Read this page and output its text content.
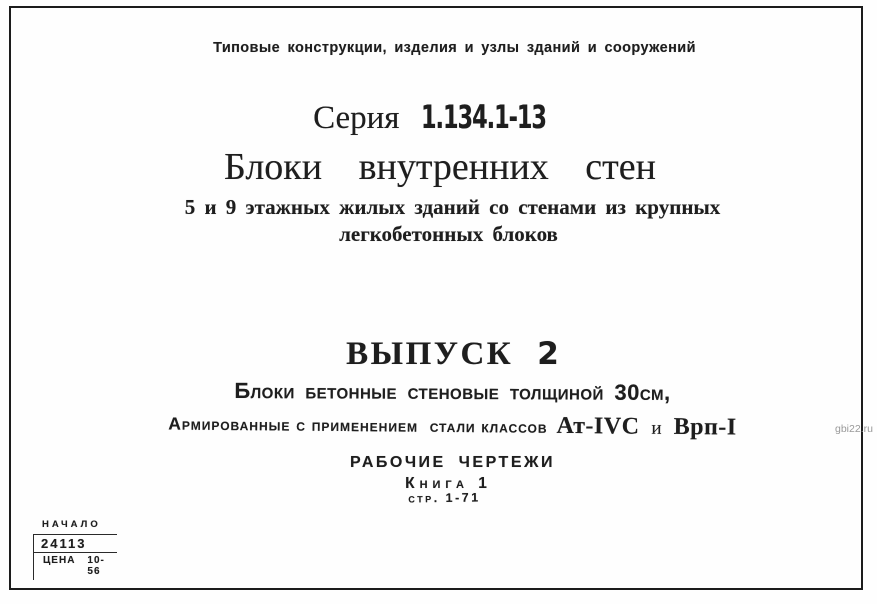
Типовые конструкции, изделия и узлы зданий и сооружений
Серия 1.134.1-13
Блоки внутренних стен
5 и 9 этажных жилых зданий со стенами из крупных
легкобетонных блоков
ВЫПУСК 2
Блоки бетонные стеновые толщиной 30см,
Армированные с применением  стали классов Ат-IVC и Врп-I
РАБОЧИЕ ЧЕРТЕЖИ
Книга 1
стр. 1-71
НАЧАЛО
24113
ЦЕНА 10-56
gbi22.ru
